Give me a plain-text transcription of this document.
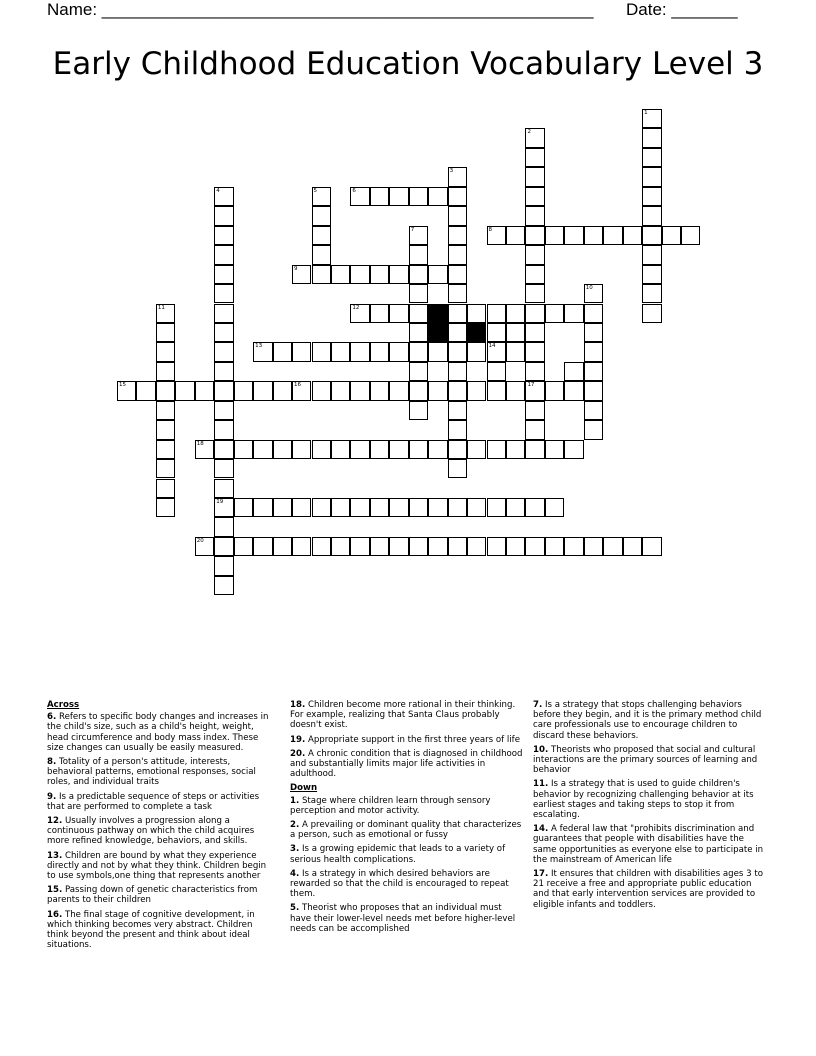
Name: ____________________________________________________ Date: _______
Early Childhood Education Vocabulary Level 3
1
2
3
4
19
5	6
7	8
9
10
11	12
13	14
15	16	17
18
20
Across
6. Refers to specific body changes and increases in the child's size, such as a child's height, weight, head circumference and body mass index. These size changes can usually be easily measured.
8. Totality of a person's attitude, interests, behavioral patterns, emotional responses, social roles, and individual traits
9. Is a predictable sequence of steps or activities that are performed to complete a task
12. Usually involves a progression along a continuous pathway on which the child acquires more refined knowledge, behaviors, and skills.
13. Children are bound by what they experience directly and not by what they think. Children begin to use symbols,one thing that represents another
15. Passing down of genetic characteristics from parents to their children
16. The final stage of cognitive development, in which thinking becomes very abstract. Children think beyond the present and think about ideal situations.
18. Children become more rational in their thinking. For example, realizing that Santa Claus probably doesn't exist.
19. Appropriate support in the first three years of life
20. A chronic condition that is diagnosed in childhood and substantially limits major life activities in adulthood.
Down
1. Stage where children learn through sensory perception and motor activity.
2. A prevailing or dominant quality that characterizes a person, such as emotional or fussy
3. Is a growing epidemic that leads to a variety of serious health complications.
4. Is a strategy in which desired behaviors are rewarded so that the child is encouraged to repeat them.
5. Theorist who proposes that an individual must have their lower-level needs met before higher-level needs can be accomplished
7. Is a strategy that stops challenging behaviors before they begin, and it is the primary method child care professionals use to encourage children to discard these behaviors.
10. Theorists who proposed that social and cultural interactions are the primary sources of learning and behavior
11. Is a strategy that is used to guide children's behavior by recognizing challenging behavior at its earliest stages and taking steps to stop it from escalating.
14. A federal law that "prohibits discrimination and guarantees that people with disabilities have the same opportunities as everyone else to participate in the mainstream of American life
17. It ensures that children with disabilities ages 3 to 21 receive a free and appropriate public education and that early intervention services are provided to eligible infants and toddlers.
